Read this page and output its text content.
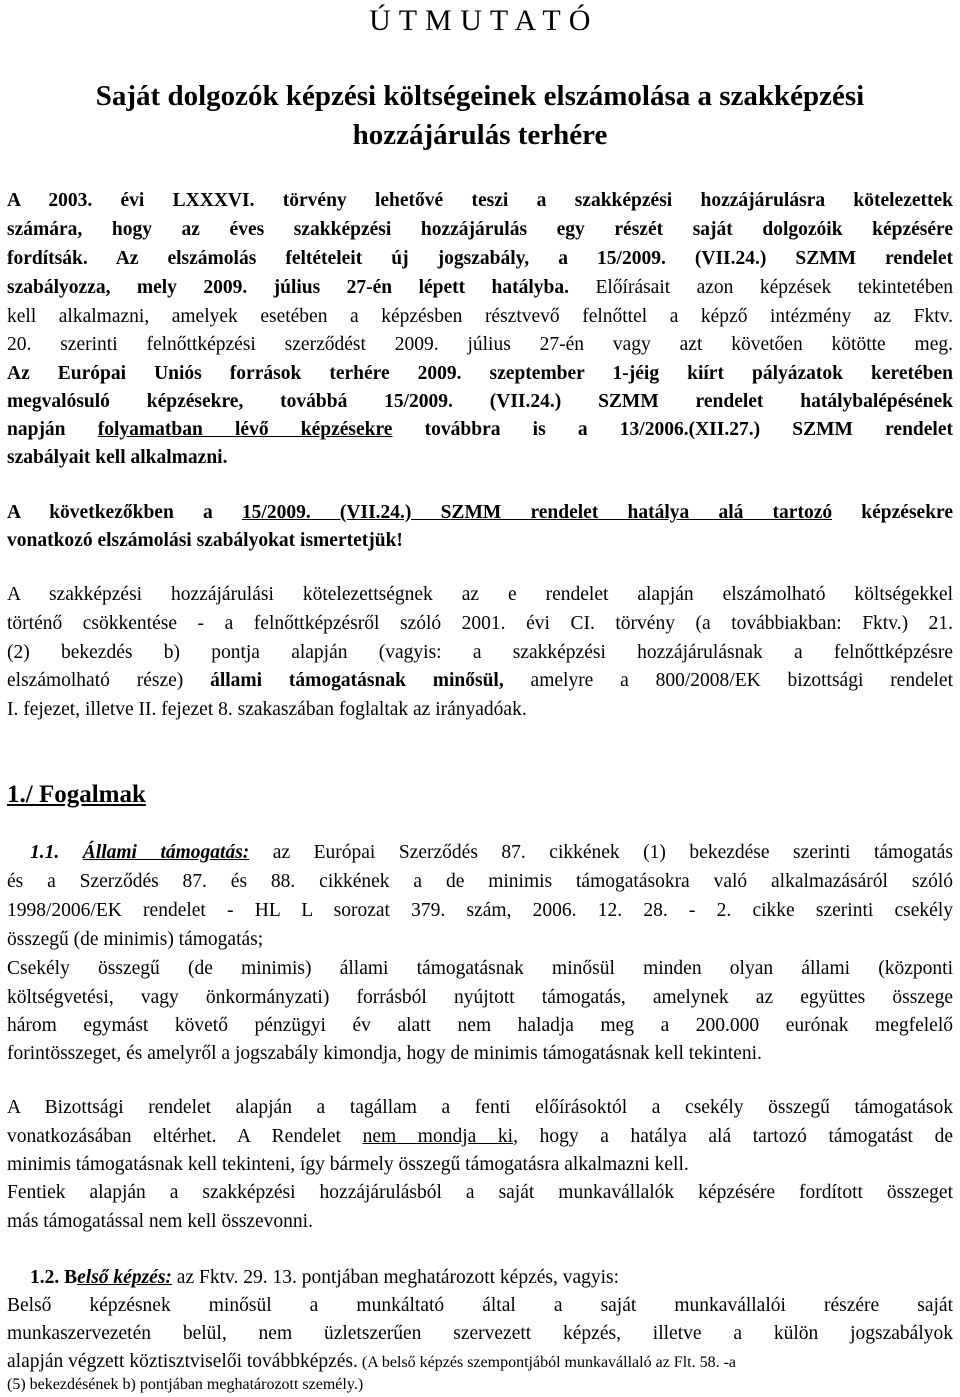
Ú T M U T A T Ó
Saját dolgozók képzési költségeinek elszámolása a szakképzési
hozzájárulás terhére
A 2003. évi LXXXVI. törvény lehetővé teszi a szakképzési hozzájárulásra kötelezettek
számára, hogy az éves szakképzési hozzájárulás egy részét saját dolgozóik képzésére
fordítsák. Az elszámolás feltételeit új jogszabály, a 15/2009. (VII.24.) SZMM rendelet
szabályozza, mely 2009. július 27-én lépett hatályba. Előírásait azon képzések tekintetében
kell alkalmazni, amelyek esetében a képzésben résztvevő felnőttel a képző intézmény az Fktv.
20. szerinti felnőttképzési szerződést 2009. július 27-én vagy azt követően kötötte meg.
Az Európai Uniós források terhére 2009. szeptember 1-jéig kiírt pályázatok keretében
megvalósuló képzésekre, továbbá 15/2009. (VII.24.) SZMM rendelet hatálybalépésének
napján folyamatban lévő képzésekre továbbra is a 13/2006.(XII.27.) SZMM rendelet
szabályait kell alkalmazni.
A következőkben a 15/2009. (VII.24.) SZMM rendelet hatálya alá tartozó képzésekre
vonatkozó elszámolási szabályokat ismertetjük!
A szakképzési hozzájárulási kötelezettségnek az e rendelet alapján elszámolható költségekkel
történő csökkentése - a felnőttképzésről szóló 2001. évi CI. törvény (a továbbiakban: Fktv.) 21.
(2) bekezdés b) pontja alapján (vagyis: a szakképzési hozzájárulásnak a felnőttképzésre
elszámolható része) állami támogatásnak minősül, amelyre a 800/2008/EK bizottsági rendelet
I. fejezet, illetve II. fejezet 8. szakaszában foglaltak az irányadóak.
1./ Fogalmak
1.1. Állami támogatás: az Európai Szerződés 87. cikkének (1) bekezdése szerinti támogatás
és a Szerződés 87. és 88. cikkének a de minimis támogatásokra való alkalmazásáról szóló
1998/2006/EK rendelet - HL L sorozat 379. szám, 2006. 12. 28. - 2. cikke szerinti csekély
összegű (de minimis) támogatás;
Csekély összegű (de minimis) állami támogatásnak minősül minden olyan állami (központi
költségvetési, vagy önkormányzati) forrásból nyújtott támogatás, amelynek az együttes összege
három egymást követő pénzügyi év alatt nem haladja meg a 200.000 eurónak megfelelő
forintösszeget, és amelyről a jogszabály kimondja, hogy de minimis támogatásnak kell tekinteni.
A Bizottsági rendelet alapján a tagállam a fenti előírásoktól a csekély összegű támogatások
vonatkozásában eltérhet. A Rendelet nem mondja ki, hogy a hatálya alá tartozó támogatást de
minimis támogatásnak kell tekinteni, így bármely összegű támogatásra alkalmazni kell.
Fentiek alapján a szakképzési hozzájárulásból a saját munkavállalók képzésére fordított összeget
más támogatással nem kell összevonni.
1.2. Belső képzés: az Fktv. 29. 13. pontjában meghatározott képzés, vagyis:
Belső képzésnek minősül a munkáltató által a saját munkavállalói részére saját
munkaszervezetén belül, nem üzletszerűen szervezett képzés, illetve a külön jogszabályok
alapján végzett köztisztviselői továbbképzés. (A belső képzés szempontjából munkavállaló az Flt. 58. -a
(5) bekezdésének b) pontjában meghatározott személy.)
